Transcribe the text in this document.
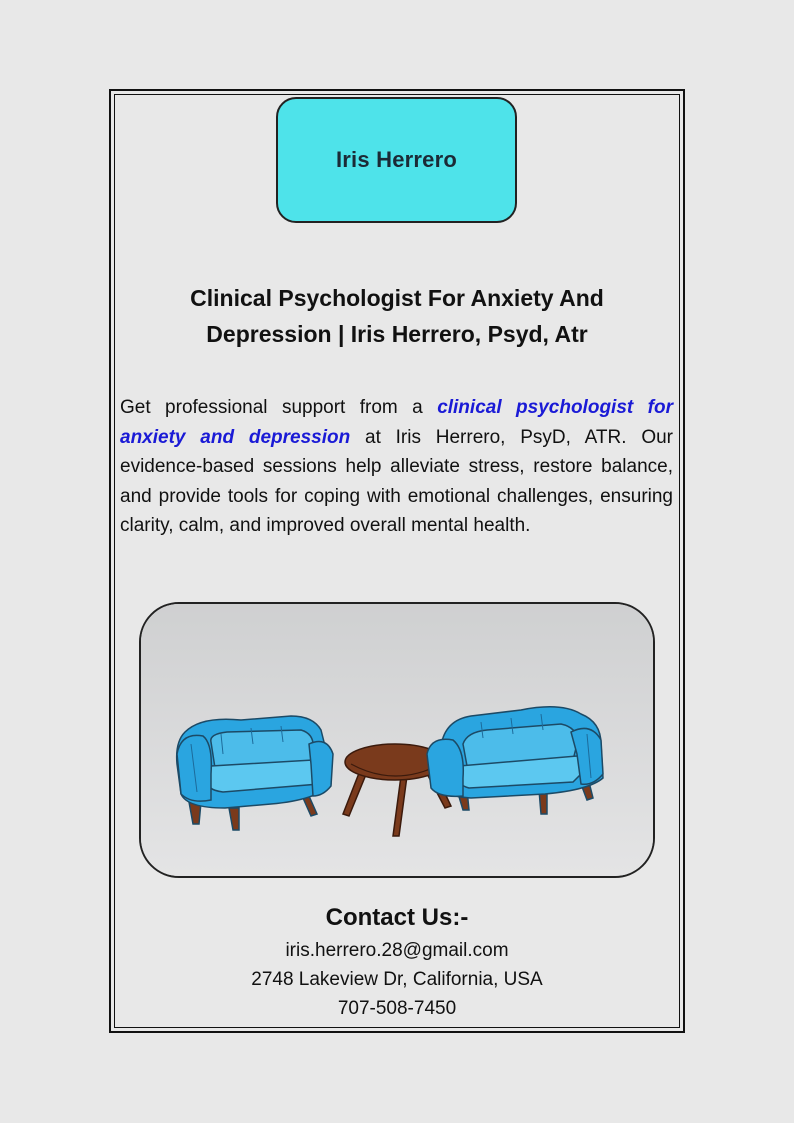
Iris Herrero
Clinical Psychologist For Anxiety And
Depression | Iris Herrero, Psyd, Atr

Get professional support from a clinical psychologist for anxiety and depression at Iris Herrero, PsyD, ATR. Our evidence-based sessions help alleviate stress, restore balance, and provide tools for coping with emotional challenges, ensuring clarity, calm, and improved overall mental health.

Contact Us:-
iris.herrero.28@gmail.com
2748 Lakeview Dr, California, USA
707-508-7450
